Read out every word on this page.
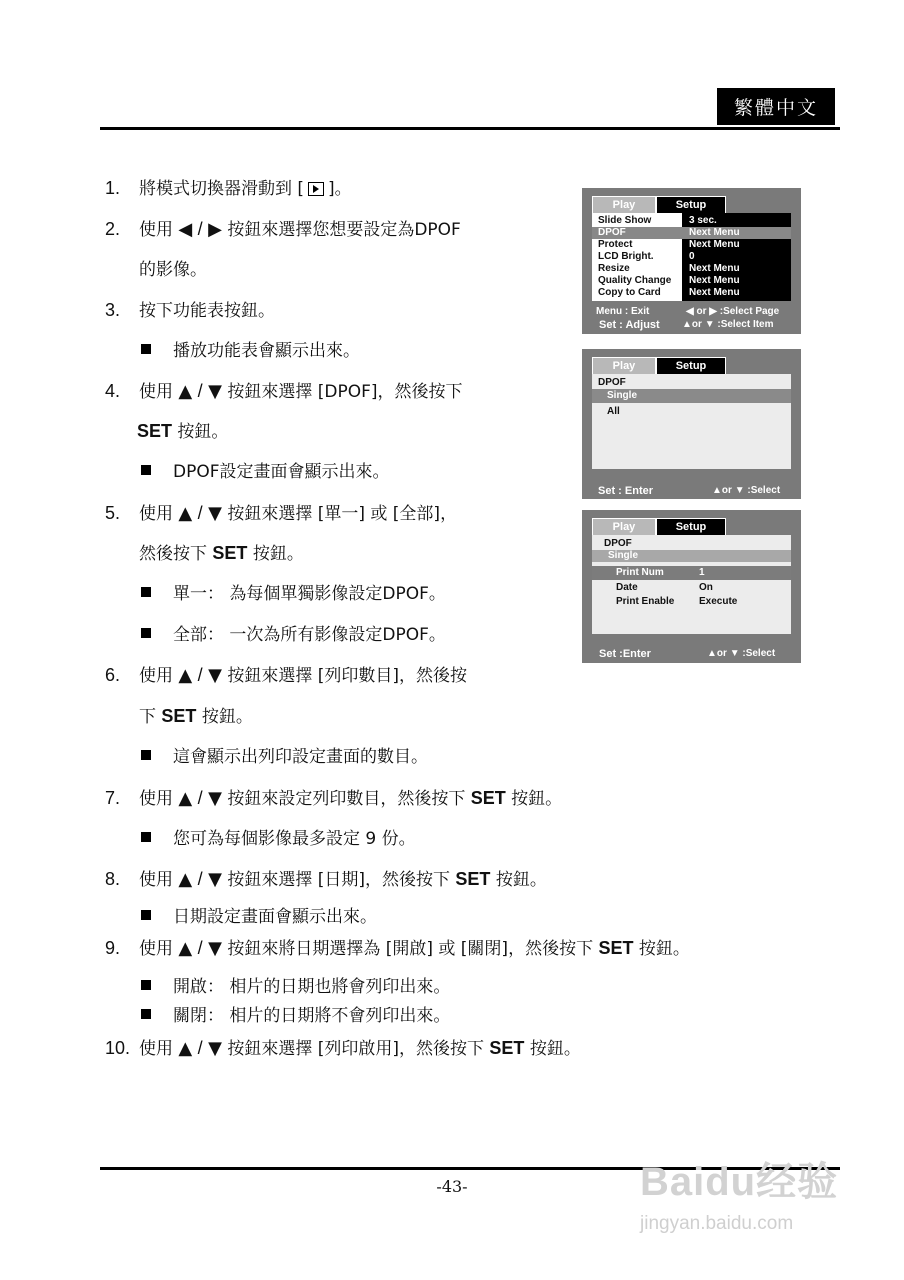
繁體中文
1. 將模式切換器滑動到 [ ]。
2. 使用 ◀ / ▶ 按鈕來選擇您想要設定為DPOF
的影像。
3. 按下功能表按鈕。
播放功能表會顯示出來。
4. 使用 ▲ / ▼ 按鈕來選擇 [DPOF]，然後按下
SET 按鈕。
DPOF設定畫面會顯示出來。
5. 使用 ▲ / ▼ 按鈕來選擇 [單一] 或 [全部]，
然後按下 SET 按鈕。
單一： 為每個單獨影像設定DPOF。
全部： 一次為所有影像設定DPOF。
6. 使用 ▲ / ▼ 按鈕來選擇 [列印數目]，然後按
下 SET 按鈕。
這會顯示出列印設定畫面的數目。
7. 使用 ▲ / ▼ 按鈕來設定列印數目，然後按下 SET 按鈕。
您可為每個影像最多設定 9 份。
8. 使用 ▲ / ▼ 按鈕來選擇 [日期]，然後按下 SET 按鈕。
日期設定畫面會顯示出來。
9. 使用 ▲ / ▼ 按鈕來將日期選擇為 [開啟] 或 [關閉]，然後按下 SET 按鈕。
開啟： 相片的日期也將會列印出來。
關閉： 相片的日期將不會列印出來。
10. 使用 ▲ / ▼ 按鈕來選擇 [列印啟用]，然後按下 SET 按鈕。
Play	Setup
Slide Show	3 sec.
DPOF	Next Menu
Protect	Next Menu
LCD Bright.	0
Resize	Next Menu
Quality Change Next Menu
Copy to Card	Next Menu
Menu : Exit
Set : Adjust
◀ or ▶ :Select Page
▲or ▼ :Select Item
Play	Setup
DPOF
Single
All
Set : Enter	▲or ▼ :Select
Play	Setup
DPOF
Single
Print Num	1
Date	On
Print Enable Execute
Set :Enter	▲or ▼ :Select
-43-	Baidu经验
jingyan.baidu.com
